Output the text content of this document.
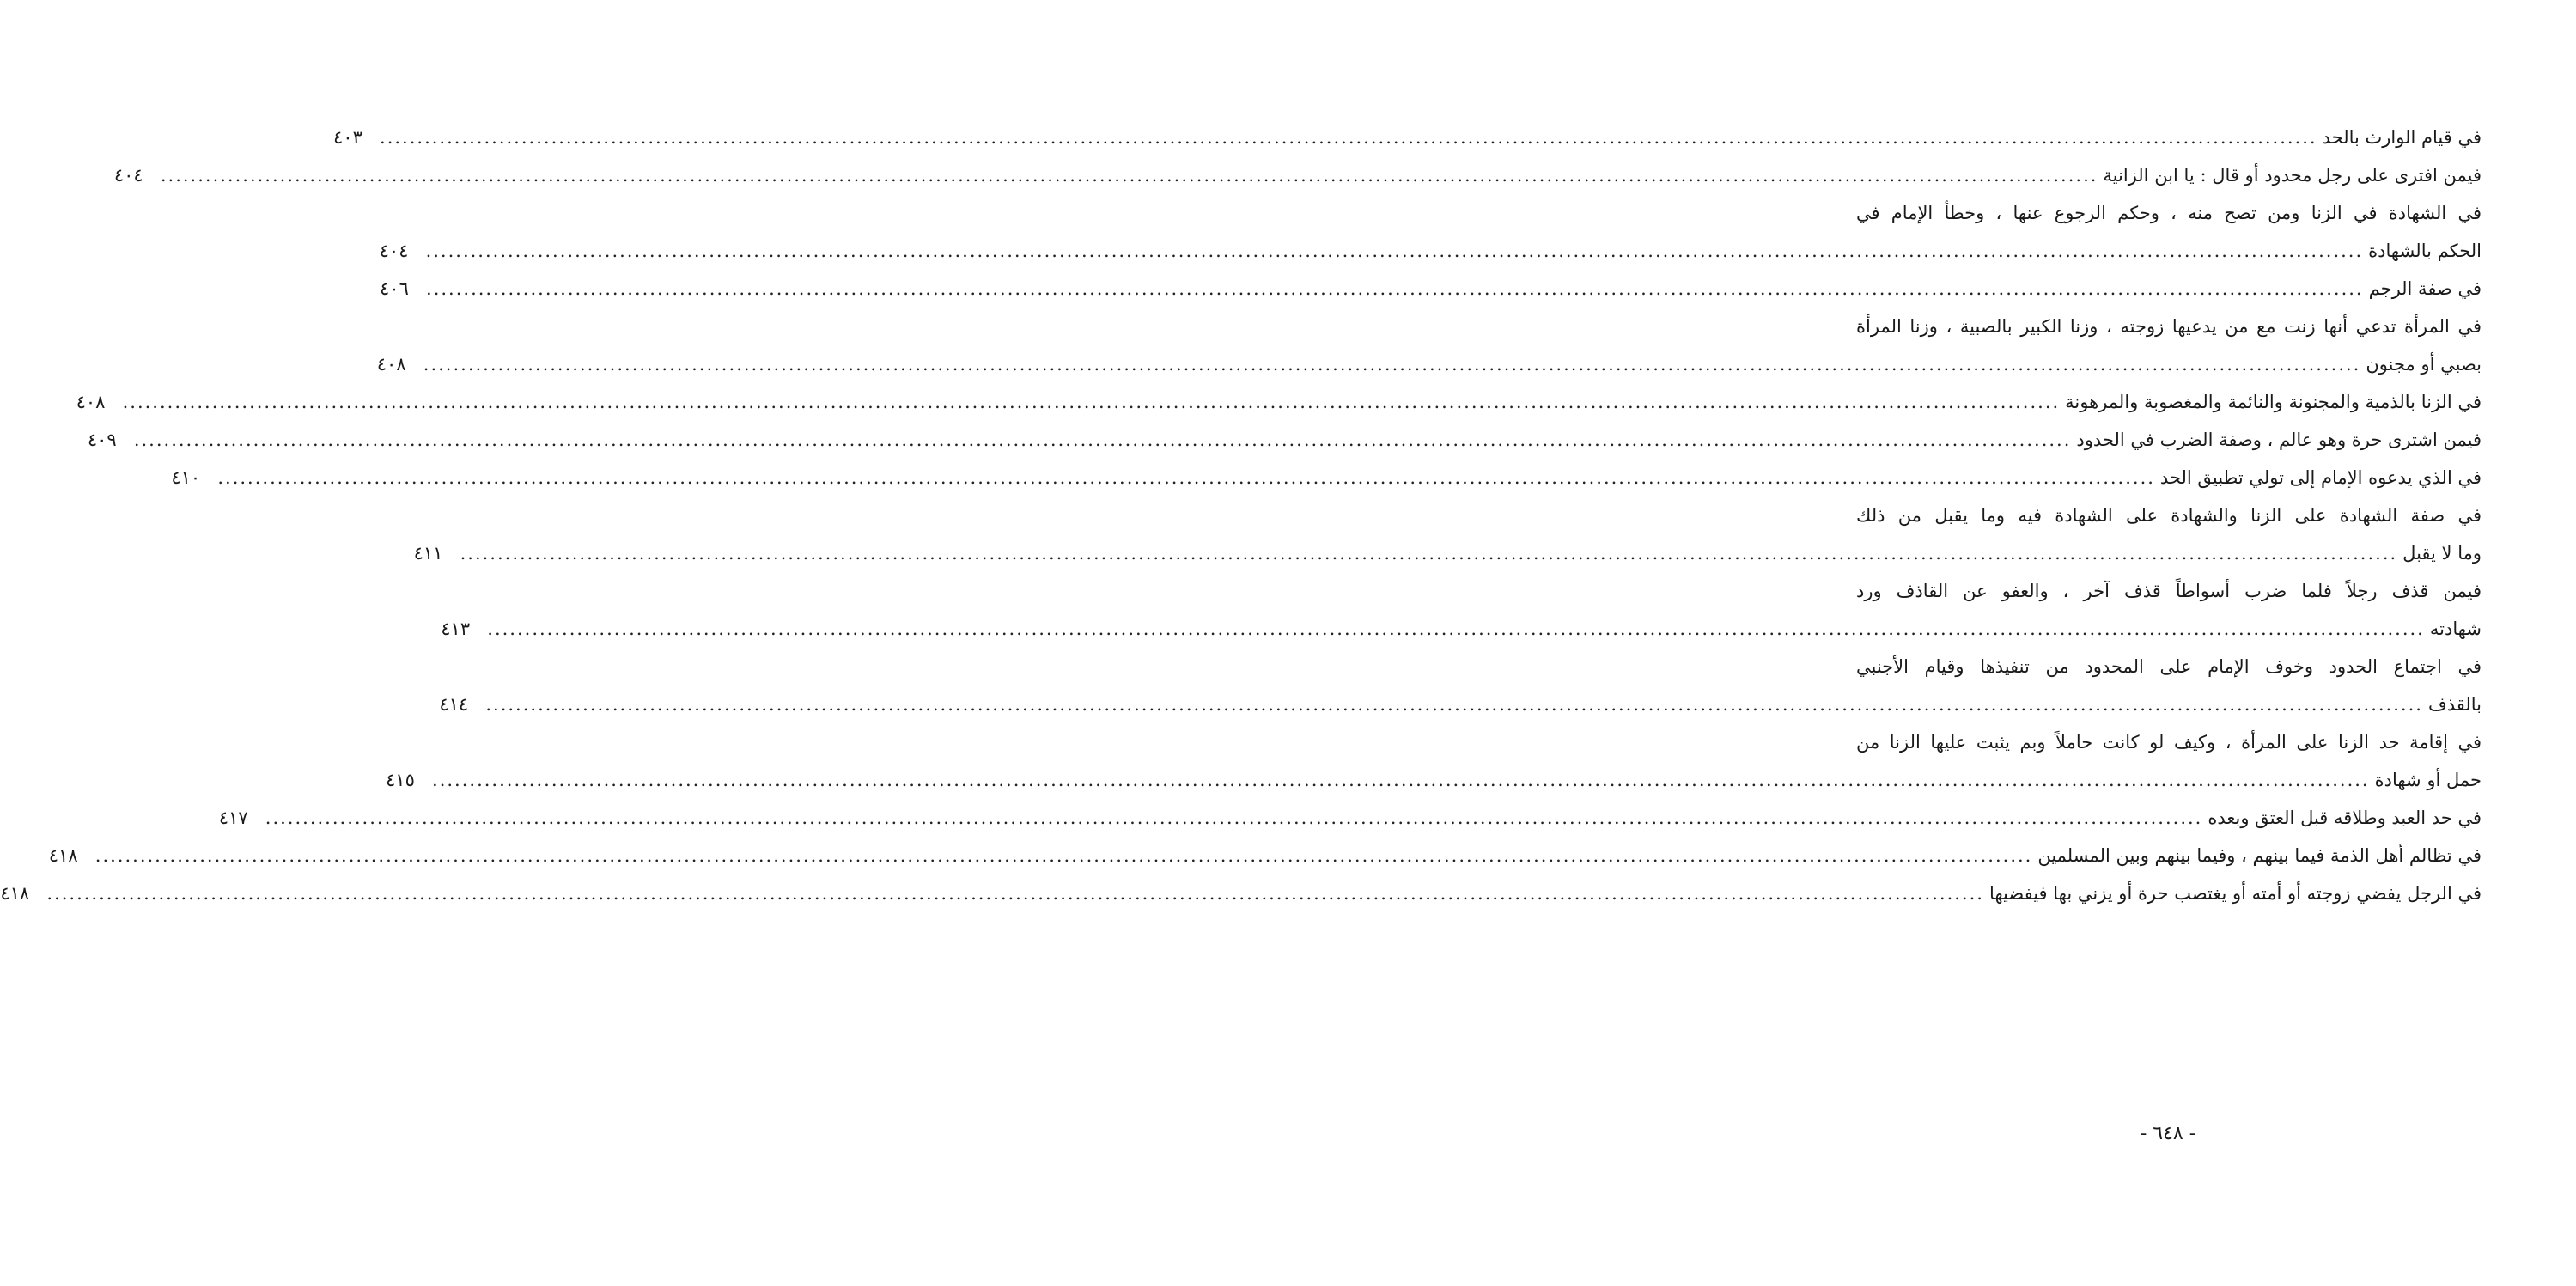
في قيام الوارث بالحد
....................................................................................................................................................................................................................................................................
٤٠٣
فيمن افترى على رجل محدود أو قال : يا ابن الزانية
....................................................................................................................................................................................................................................................................
٤٠٤
في الشهادة في الزنا ومن تصح منه ، وحكم الرجوع عنها ، وخطأ الإمام في
الحكم بالشهادة
....................................................................................................................................................................................................................................................................
٤٠٤
في صفة الرجم
....................................................................................................................................................................................................................................................................
٤٠٦
في المرأة تدعي أنها زنت مع من يدعيها زوجته ، وزنا الكبير بالصبية ، وزنا المرأة
بصبي أو مجنون
....................................................................................................................................................................................................................................................................
٤٠٨
في الزنا بالذمية والمجنونة والنائمة والمغصوبة والمرهونة
....................................................................................................................................................................................................................................................................
٤٠٨
فيمن اشترى حرة وهو عالم ، وصفة الضرب في الحدود
....................................................................................................................................................................................................................................................................
٤٠٩
في الذي يدعوه الإمام إلى تولي تطبيق الحد
....................................................................................................................................................................................................................................................................
٤١٠
في صفة الشهادة على الزنا والشهادة على الشهادة فيه وما يقبل من ذلك
وما لا يقبل
....................................................................................................................................................................................................................................................................
٤١١
فيمن قذف رجلاً فلما ضرب أسواطاً قذف آخر ، والعفو عن القاذف ورد
شهادته
....................................................................................................................................................................................................................................................................
٤١٣
في اجتماع الحدود وخوف الإمام على المحدود من تنفيذها وقيام الأجنبي
بالقذف
....................................................................................................................................................................................................................................................................
٤١٤
في إقامة حد الزنا على المرأة ، وكيف لو كانت حاملاً وبم يثبت عليها الزنا من
حمل أو شهادة
....................................................................................................................................................................................................................................................................
٤١٥
في حد العبد وطلاقه قبل العتق وبعده
....................................................................................................................................................................................................................................................................
٤١٧
في تظالم أهل الذمة فيما بينهم ، وفيما بينهم وبين المسلمين
....................................................................................................................................................................................................................................................................
٤١٨
في الرجل يفضي زوجته أو أمته أو يغتصب حرة أو يزني بها فيفضيها
....................................................................................................................................................................................................................................................................
٤١٨
- ٦٤٨ -
